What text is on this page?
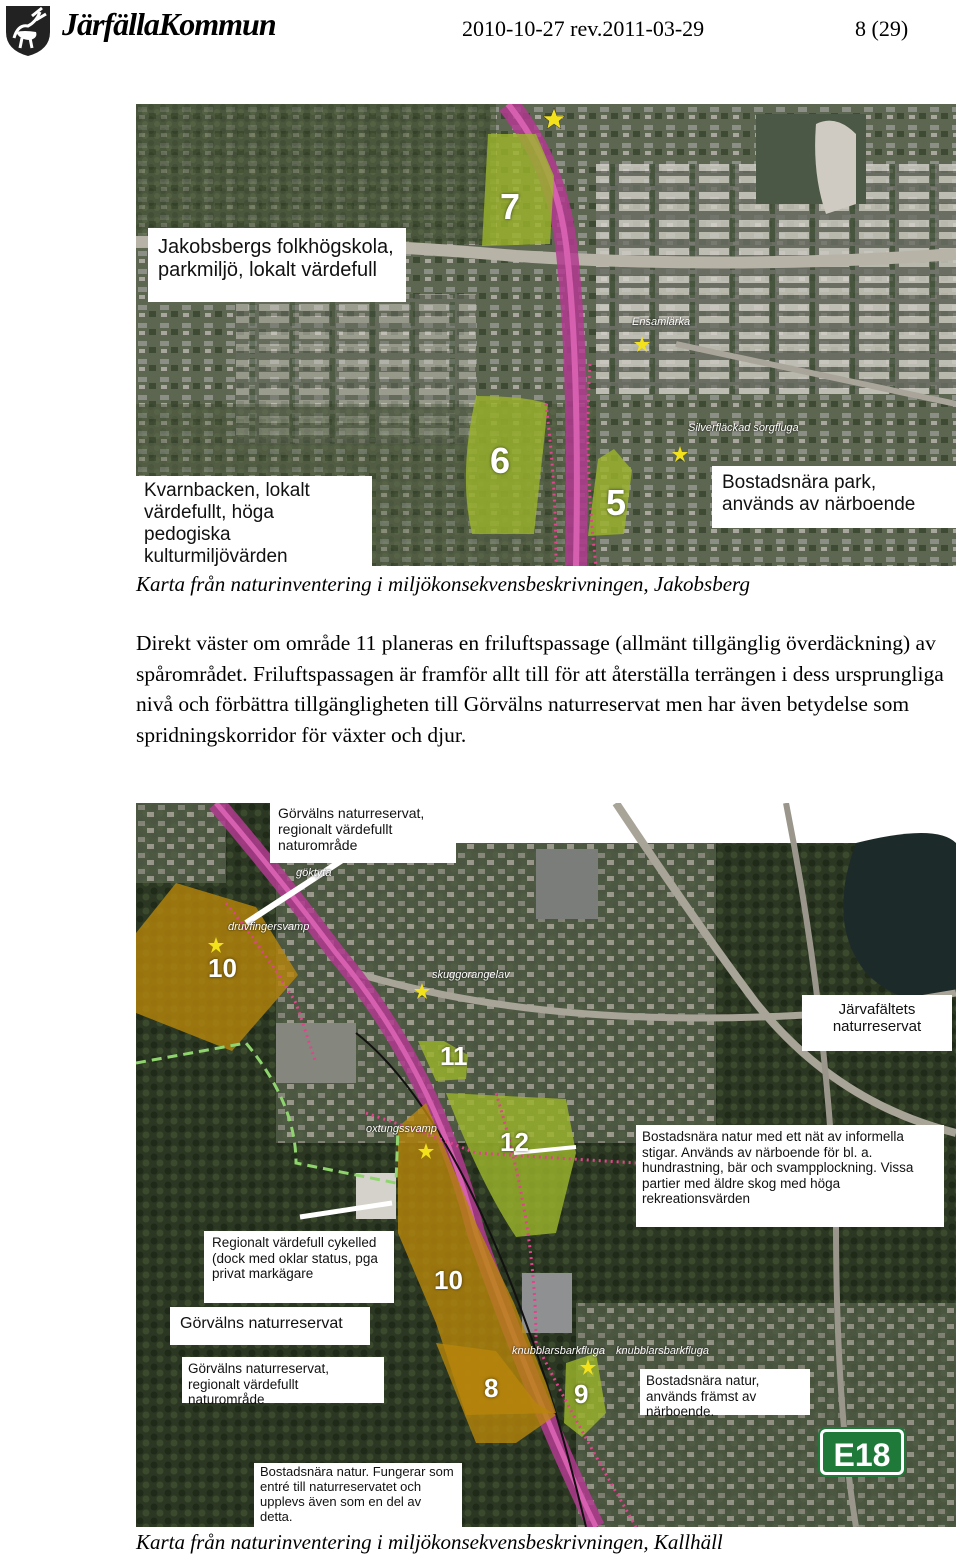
JärfällaKommun	2010-10-27 rev.2011-03-29	8 (29)
Jakobsbergs folkhögskola, parkmiljö, lokalt värdefull
Kvarnbacken, lokalt värdefullt, höga pedogiska kulturmiljövärden
Bostadsnära park, används av närboende
7
6
5
Ensamlärka
Silverfläckad sorgfluga
Karta från naturinventering i miljökonsekvensbeskrivningen, Jakobsberg
Direkt väster om område 11 planeras en friluftspassage (allmänt tillgänglig överdäckning) av spårområdet. Friluftspassagen är framför allt till för att återställa terrängen i dess ursprungliga nivå och förbättra tillgängligheten till Görvälns naturreservat men har även betydelse som spridningskorridor för växter och djur.
Görvälns naturreservat, regionalt värdefullt naturområde
Järvafältets naturreservat
Bostadsnära natur med ett nät av informella stigar. Används av närboende för bl. a. hundrastning, bär och svampplockning. Vissa partier med äldre skog med höga rekreationsvärden
Regionalt värdefull cykelled (dock med oklar status, pga privat markägare
Görvälns naturreservat
Görvälns naturreservat, regionalt värdefullt naturområde
Bostadsnära natur, används främst av närboende.
Bostadsnära natur. Fungerar som entré till naturreservatet och upplevs även som en del av detta.
10
11
12
10
8	9
göktyta
druvfingersvamp
skuggorangelav
oxtungssvamp
knubblarsbarkfluga knubblarsbarkfluga
E18
Karta från naturinventering i miljökonsekvensbeskrivningen, Kallhäll
